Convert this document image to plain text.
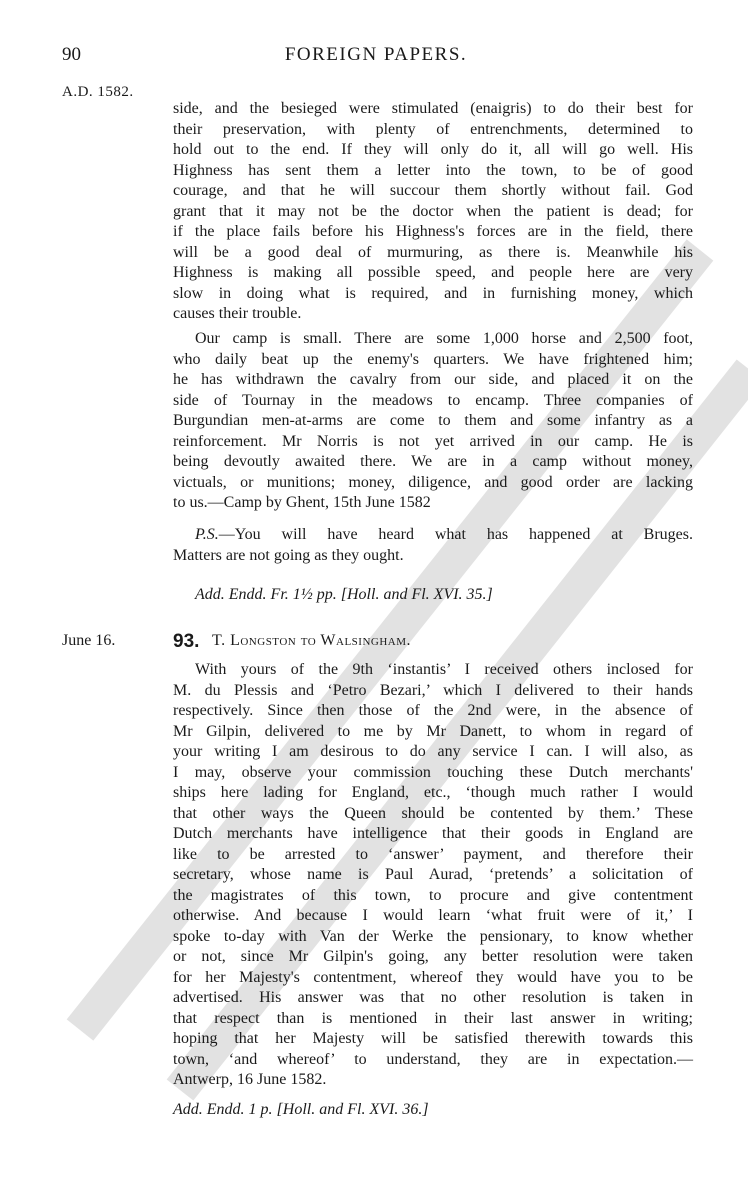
90	FOREIGN PAPERS.
A.D. 1582.
side, and the besieged were stimulated (enaigris) to do their best for
their preservation, with plenty of entrenchments, determined to
hold out to the end. If they will only do it, all will go well. His
Highness has sent them a letter into the town, to be of good
courage, and that he will succour them shortly without fail. God
grant that it may not be the doctor when the patient is dead; for
if the place fails before his Highness's forces are in the field, there
will be a good deal of murmuring, as there is. Meanwhile his
Highness is making all possible speed, and people here are very
slow in doing what is required, and in furnishing money, which
causes their trouble.
Our camp is small. There are some 1,000 horse and 2,500 foot,
who daily beat up the enemy's quarters. We have frightened him;
he has withdrawn the cavalry from our side, and placed it on the
side of Tournay in the meadows to encamp. Three companies of
Burgundian men-at-arms are come to them and some infantry as a
reinforcement. Mr Norris is not yet arrived in our camp. He is
being devoutly awaited there. We are in a camp without money,
victuals, or munitions; money, diligence, and good order are lacking
to us.—Camp by Ghent, 15th June 1582
P.S.—You will have heard what has happened at Bruges.
Matters are not going as they ought.
Add. Endd. Fr. 1½ pp. [Holl. and Fl. XVI. 35.]
June 16.	93. T. Longston to Walsingham.
With yours of the 9th ‘instantis’ I received others inclosed for
M. du Plessis and ‘Petro Bezari,’ which I delivered to their hands
respectively. Since then those of the 2nd were, in the absence of
Mr Gilpin, delivered to me by Mr Danett, to whom in regard of
your writing I am desirous to do any service I can. I will also, as
I may, observe your commission touching these Dutch merchants'
ships here lading for England, etc., ‘though much rather I would
that other ways the Queen should be contented by them.’ These
Dutch merchants have intelligence that their goods in England are
like to be arrested to ‘answer’ payment, and therefore their
secretary, whose name is Paul Aurad, ‘pretends’ a solicitation of
the magistrates of this town, to procure and give contentment
otherwise. And because I would learn ‘what fruit were of it,’ I
spoke to-day with Van der Werke the pensionary, to know whether
or not, since Mr Gilpin's going, any better resolution were taken
for her Majesty's contentment, whereof they would have you to be
advertised. His answer was that no other resolution is taken in
that respect than is mentioned in their last answer in writing;
hoping that her Majesty will be satisfied therewith towards this
town, ‘and whereof’ to understand, they are in expectation.—
Antwerp, 16 June 1582.
Add. Endd. 1 p. [Holl. and Fl. XVI. 36.]
